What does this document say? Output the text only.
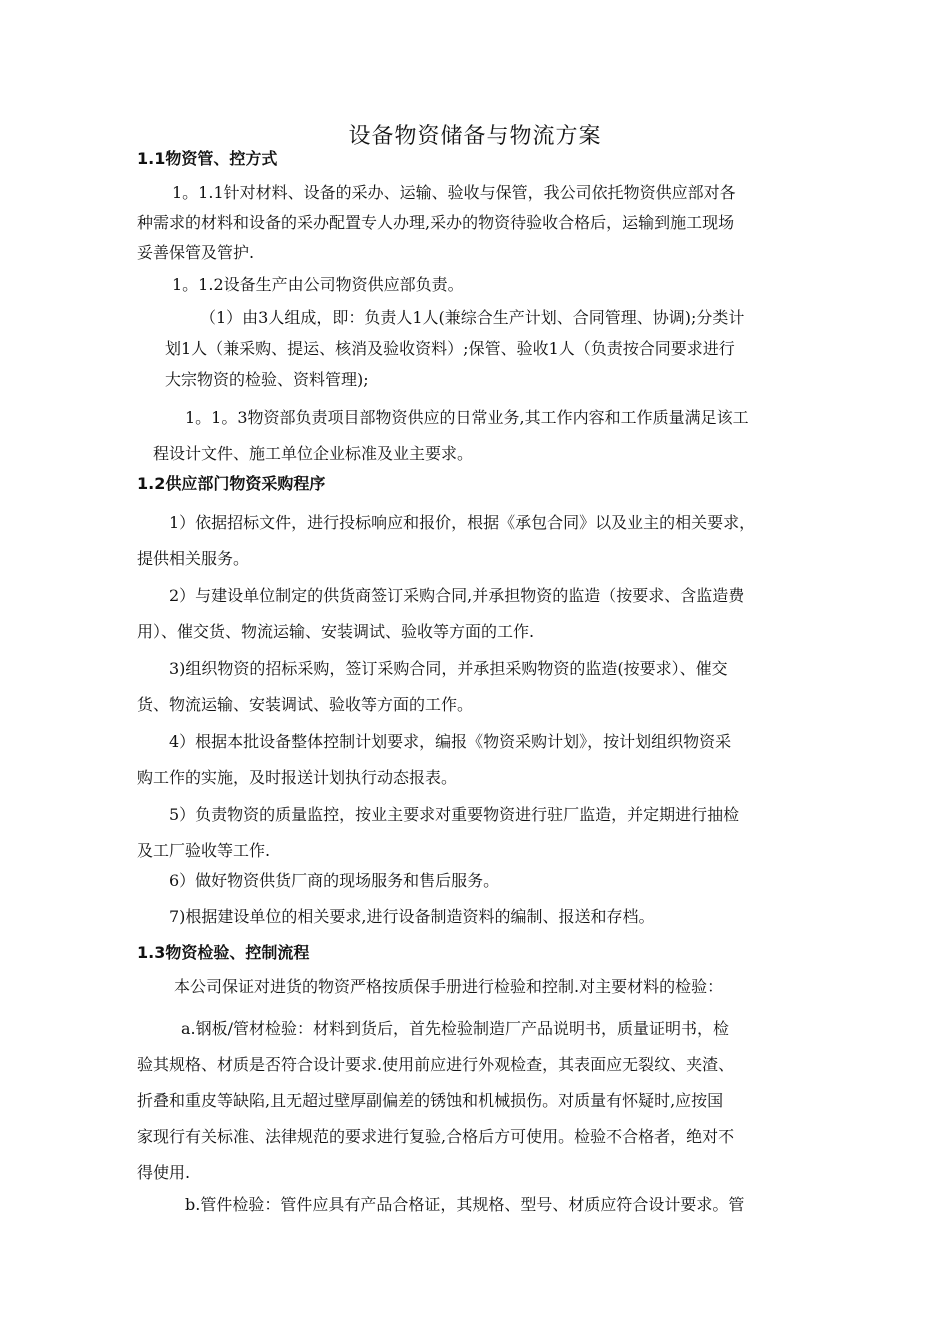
设备物资储备与物流方案
1.1物资管、控方式
1。1.1针对材料、设备的采办、运输、验收与保管，我公司依托物资供应部对各
种需求的材料和设备的采办配置专人办理,采办的物资待验收合格后，运输到施工现场
妥善保管及管护.
1。1.2设备生产由公司物资供应部负责。
（1）由3人组成，即：负责人1人(兼综合生产计划、合同管理、协调);分类计
划1人（兼采购、提运、核消及验收资料）;保管、验收1人（负责按合同要求进行
大宗物资的检验、资料管理);
1。1。3物资部负责项目部物资供应的日常业务,其工作内容和工作质量满足该工
程设计文件、施工单位企业标准及业主要求。
1.2供应部门物资采购程序
1）依据招标文件，进行投标响应和报价，根据《承包合同》以及业主的相关要求，
提供相关服务。
2）与建设单位制定的供货商签订采购合同,并承担物资的监造（按要求、含监造费
用）、催交货、物流运输、安装调试、验收等方面的工作.
3)组织物资的招标采购，签订采购合同，并承担采购物资的监造(按要求）、催交
货、物流运输、安装调试、验收等方面的工作。
4）根据本批设备整体控制计划要求，编报《物资采购计划》，按计划组织物资采
购工作的实施，及时报送计划执行动态报表。
5）负责物资的质量监控，按业主要求对重要物资进行驻厂监造，并定期进行抽检
及工厂验收等工作.
6）做好物资供货厂商的现场服务和售后服务。
7)根据建设单位的相关要求,进行设备制造资料的编制、报送和存档。
1.3物资检验、控制流程
本公司保证对进货的物资严格按质保手册进行检验和控制.对主要材料的检验：
a.钢板/管材检验：材料到货后，首先检验制造厂产品说明书，质量证明书，检
验其规格、材质是否符合设计要求.使用前应进行外观检查，其表面应无裂纹、夹渣、
折叠和重皮等缺陷,且无超过壁厚副偏差的锈蚀和机械损伤。对质量有怀疑时,应按国
家现行有关标准、法律规范的要求进行复验,合格后方可使用。检验不合格者，绝对不
得使用.
b.管件检验：管件应具有产品合格证，其规格、型号、材质应符合设计要求。管
